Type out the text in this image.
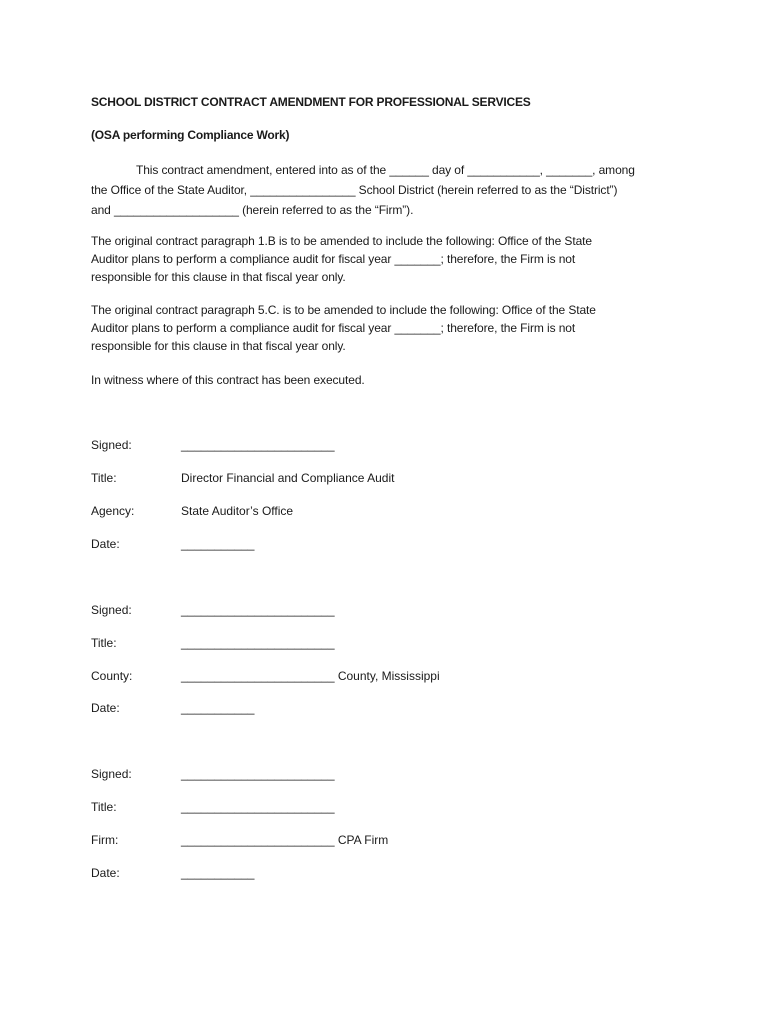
SCHOOL DISTRICT CONTRACT AMENDMENT FOR PROFESSIONAL SERVICES
(OSA performing Compliance Work)
This contract amendment, entered into as of the ______ day of ___________, _______, among
the Office of the State Auditor, ________________ School District (herein referred to as the “District”)
and ___________________ (herein referred to as the “Firm”).
The original contract paragraph 1.B is to be amended to include the following: Office of the State
Auditor plans to perform a compliance audit for fiscal year _______; therefore, the Firm is not
responsible for this clause in that fiscal year only.
The original contract paragraph 5.C. is to be amended to include the following: Office of the State
Auditor plans to perform a compliance audit for fiscal year _______; therefore, the Firm is not
responsible for this clause in that fiscal year only.
In witness where of this contract has been executed.
Signed:	_______________________
Title:	Director Financial and Compliance Audit
Agency:	State Auditor’s Office
Date:	___________
Signed:	_______________________
Title:	_______________________
County:	_______________________ County, Mississippi
Date:	___________
Signed:	_______________________
Title:	_______________________
Firm:	_______________________ CPA Firm
Date:	___________
